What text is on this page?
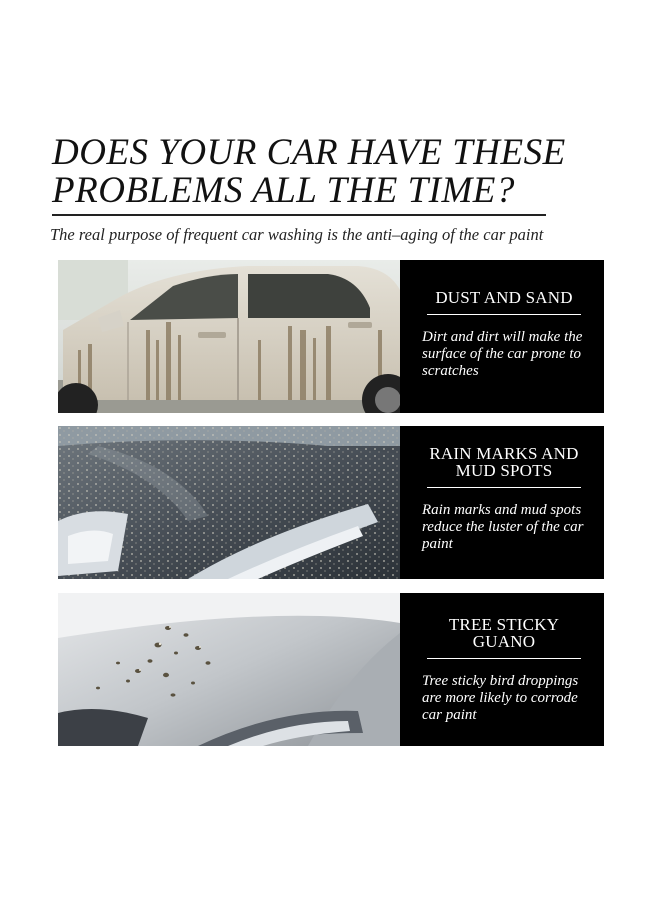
DOES YOUR CAR HAVE THESE
PROBLEMS ALL THE TIME?
The real purpose of frequent car washing is the anti–aging of the car paint
DUST AND SAND
Dirt and dirt will make the surface of the car prone to scratches
RAIN MARKS AND MUD SPOTS
Rain marks and mud spots reduce the luster of the car paint
TREE STICKY GUANO
Tree sticky bird droppings are more likely to corrode car paint
